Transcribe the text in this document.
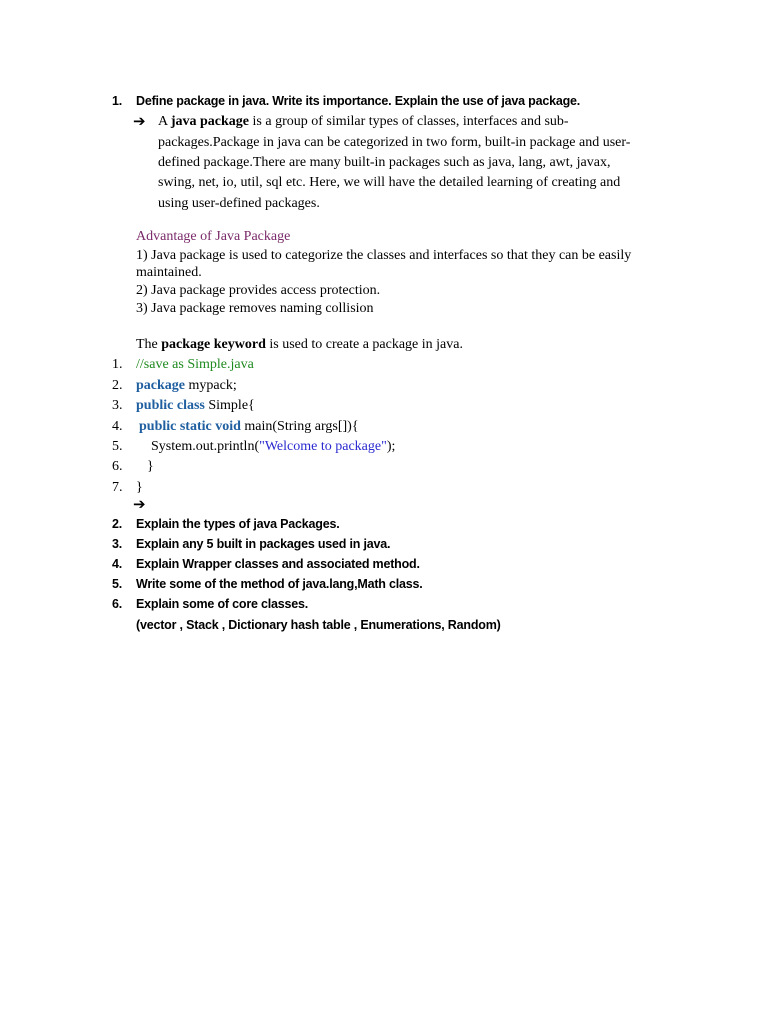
1. Define package in java. Write its importance. Explain the use of java package.
➔ A java package is a group of similar types of classes, interfaces and sub-
packages.Package in java can be categorized in two form, built-in package and user-
defined package.There are many built-in packages such as java, lang, awt, javax,
swing, net, io, util, sql etc. Here, we will have the detailed learning of creating and
using user-defined packages.
Advantage of Java Package
1) Java package is used to categorize the classes and interfaces so that they can be easily
maintained.
2) Java package provides access protection.
3) Java package removes naming collision
The package keyword is used to create a package in java.
1. //save as Simple.java
2. package mypack;
3. public class Simple{
4. public static void main(String args[]){
5. System.out.println("Welcome to package");
6. }
7. }
➔
2. Explain the types of java Packages.
3. Explain any 5 built in packages used in java.
4. Explain Wrapper classes and associated method.
5. Write some of the method of java.lang,Math class.
6. Explain some of core classes.
(vector , Stack , Dictionary hash table , Enumerations, Random)
